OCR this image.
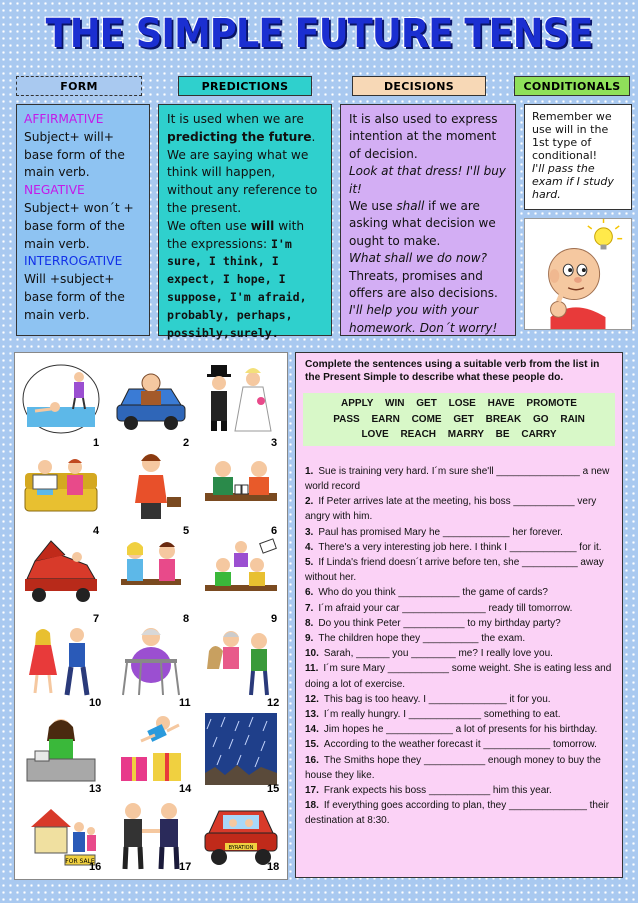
THE SIMPLE FUTURE TENSE
FORM	PREDICTIONS	DECISIONS	CONDITIONALS
AFFIRMATIVE
Subject+ will+ base form of the main verb.
NEGATIVE
Subject+ won´t + base form of the main verb.
INTERROGATIVE
Will +subject+ base form of the main verb.
It is used when we are predicting the future. We are saying what we think will happen, without any reference to the present.
We often use will with the expressions: I'm sure, I think, I expect, I hope, I suppose, I'm afraid, probably, perhaps, possibly,surely.
It is also used to express intention at the moment of decision.
Look at that dress! I'll buy it!
We use shall if we are asking what decision we ought to make.
What shall we do now?
Threats, promises and offers are also decisions.
I'll help you with your homework. Don´t worry!
Remember we use will in the 1st type of conditional!
I'll pass the exam if I study hard.
1	2	3
4	5	6
7	8	9
10	11	12
13	14	15
FOR SALE
BYRATION
16	17	18
Complete the sentences using a suitable verb from the list in the Present Simple to describe what these people do.
APPLY WIN GET LOSE HAVE PROMOTE
PASS EARN COME GET BREAK GO RAIN
LOVE REACH MARRY BE CARRY

1. Sue is training very hard. I´m sure she'll _______________ a new world record

2. If Peter arrives late at the meeting, his boss ___________ very angry with him.

3. Paul has promised Mary he ____________ her forever.

4. There's a very interesting job here. I think I ____________ for it.

5. If Linda's friend doesn´t arrive before ten, she __________ away without her.

6. Who do you think ___________ the game of cards?

7. I´m afraid your car _______________ ready till tomorrow.

8. Do you think Peter ___________ to my birthday party?

9. The children hope they __________ the exam.

10. Sarah, ______ you ________ me? I really love you.

11. I´m sure Mary ___________ some weight. She is eating less and doing a lot of exercise.

12. This bag is too heavy. I ______________ it for you.

13. I´m really hungry. I _____________ something to eat.

14. Jim hopes he ____________ a lot of presents for his birthday.

15. According to the weather forecast it ____________ tomorrow.

16. The Smiths hope they ___________ enough money to buy the house they like.

17. Frank expects his boss ___________ him this year.

18. If everything goes according to plan, they ______________ their destination at 8:30.
